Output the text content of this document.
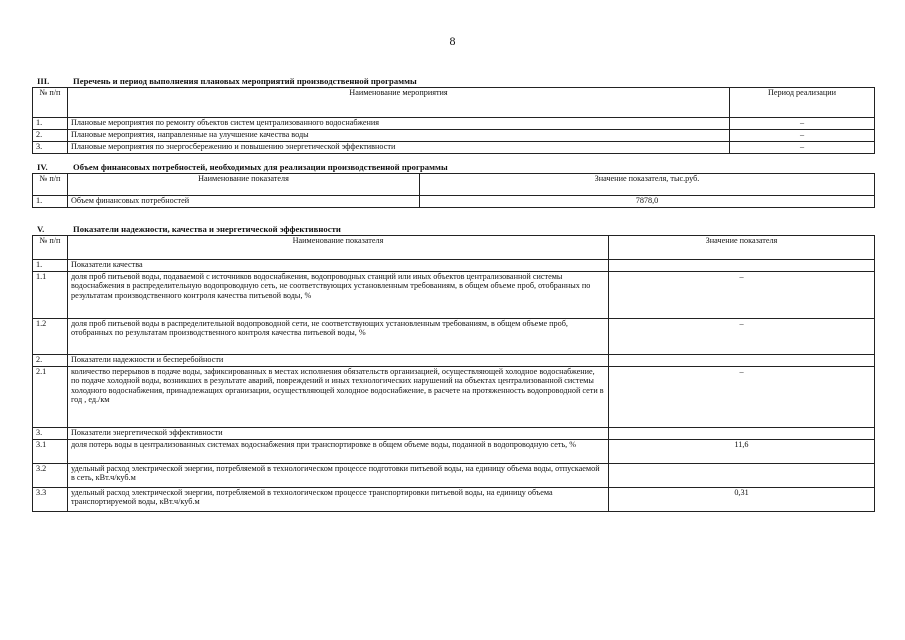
8
III.	Перечень и период выполнения плановых мероприятий производственной программы
№ п/п	Наименование мероприятия	Период реализации
1.	Плановые мероприятия по ремонту объектов систем централизованного водоснабжения	–
2.	Плановые мероприятия, направленные на улучшение качества воды	–
3.	Плановые мероприятия по энергосбережению и повышению энергетической эффективности	–
IV.	Объем финансовых потребностей, необходимых для реализации производственной программы
№ п/п	Наименование показателя	Значение показателя, тыс.руб.
1.	Объем финансовых потребностей	7878,0
V.	Показатели надежности, качества и энергетической эффективности
№ п/п	Наименование показателя	Значение показателя
1.	Показатели качества	
1.1	доля проб питьевой воды, подаваемой с источников водоснабжения, водопроводных станций или иных объектов централизованной системы водоснабжения в распределительную водопроводную сеть, не соответствующих установленным требованиям, в общем объеме проб, отобранных по результатам производственного контроля качества питьевой воды, %	–
1.2	доля проб питьевой воды в распределительной водопроводной сети, не соответствующих установленным требованиям, в общем объеме проб, отобранных по результатам производственного контроля качества питьевой воды, %	–
2.	Показатели надежности и бесперебойности	
2.1	количество перерывов в подаче воды, зафиксированных в местах исполнения обязательств организацией, осуществляющей холодное водоснабжение, по подаче холодной воды, возникших в результате аварий, повреждений и иных технологических нарушений на объектах централизованной системы холодного водоснабжения, принадлежащих организации, осуществляющей холодное водоснабжение, в расчете на протяженность водопроводной сети в год , ед./км	–
3.	Показатели энергетической эффективности	
3.1	доля потерь воды в централизованных системах водоснабжения при транспортировке в общем объеме воды, поданной в водопроводную сеть, %	11,6
3.2	удельный расход электрической энергии, потребляемой в технологическом процессе подготовки питьевой воды, на единицу объема воды, отпускаемой в сеть, кВт.ч/куб.м	
3.3	удельный расход электрической энергии, потребляемой в технологическом процессе транспортировки питьевой воды, на единицу объема транспортируемой воды, кВт.ч/куб.м	0,31
